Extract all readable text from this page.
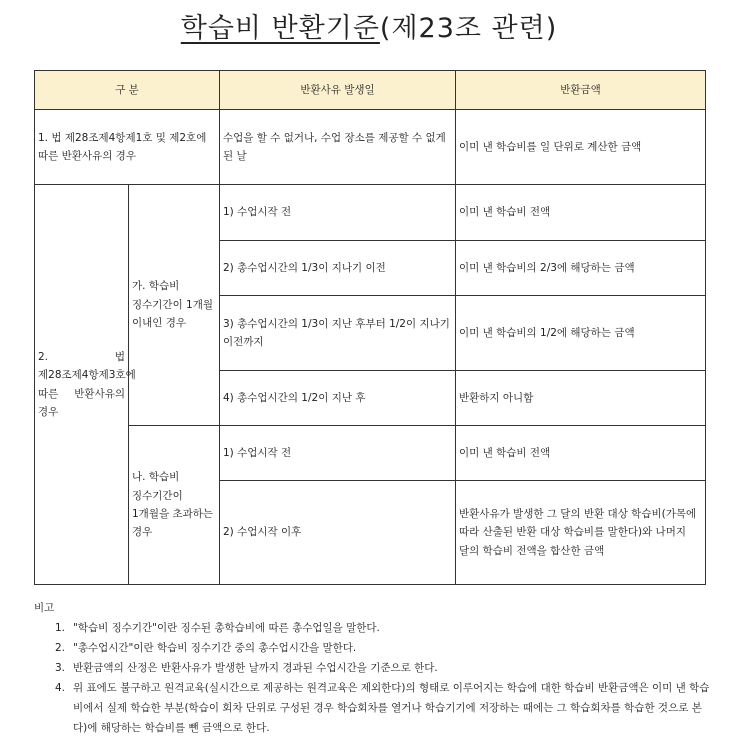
학습비 반환기준(제23조 관련)
구 분		반환사유 발생일	반환금액
1. 법 제28조제4항제1호 및 제2호에 따른 반환사유의 경우		수업을 할 수 없거나, 수업 장소를 제공할 수 없게 된 날	이미 낸 학습비를 일 단위로 계산한 금액
2. 법 제28조제4항제3호에 따른 반환사유의 경우	가. 학습비 징수기간이 1개월 이내인 경우	1) 수업시작 전	이미 낸 학습비 전액
		2) 총수업시간의 1/3이 지나기 이전	이미 낸 학습비의 2/3에 해당하는 금액
		3) 총수업시간의 1/3이 지난 후부터 1/2이 지나기 이전까지	이미 낸 학습비의 1/2에 해당하는 금액
		4) 총수업시간의 1/2이 지난 후	반환하지 아니함
	나. 학습비 징수기간이 1개월을 초과하는 경우	1) 수업시작 전	이미 낸 학습비 전액
		2) 수업시작 이후	반환사유가 발생한 그 달의 반환 대상 학습비(가목에 따라 산출된 반환 대상 학습비를 말한다)와 나머지 달의 학습비 전액을 합산한 금액
비고
1. "학습비 징수기간"이란 징수된 총학습비에 따른 총수업일을 말한다.
2. "총수업시간"이란 학습비 징수기간 중의 총수업시간을 말한다.
3. 반환금액의 산정은 반환사유가 발생한 날까지 경과된 수업시간을 기준으로 한다.
4. 위 표에도 불구하고 원격교육(실시간으로 제공하는 원격교육은 제외한다)의 형태로 이루어지는 학습에 대한 학습비 반환금액은 이미 낸 학습비에서 실제 학습한 부분(학습이 회차 단위로 구성된 경우 학습회차를 열거나 학습기기에 저장하는 때에는 그 학습회차를 학습한 것으로 본다)에 해당하는 학습비를 뺀 금액으로 한다.
